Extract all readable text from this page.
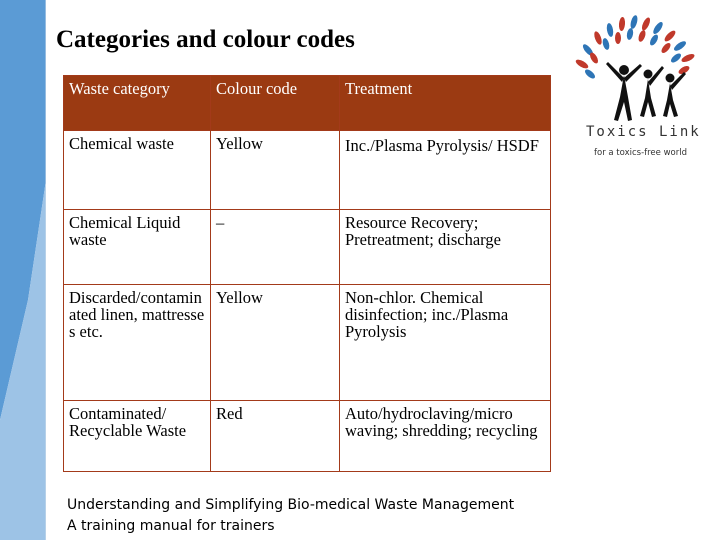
Categories and colour codes
Waste category	Colour code	Treatment
Chemical waste	Yellow	Inc./Plasma Pyrolysis/ HSDF
Chemical Liquid waste	–	Resource Recovery; Pretreatment; discharge
Discarded/contaminated linen, mattresses etc.	Yellow	Non-chlor. Chemical disinfection; inc./Plasma Pyrolysis
Contaminated/ Recyclable Waste	Red	Auto/hydroclaving/micro waving; shredding; recycling
Toxics Link
for a toxics-free world
Understanding and Simplifying Bio-medical Waste Management
A training manual for trainers
